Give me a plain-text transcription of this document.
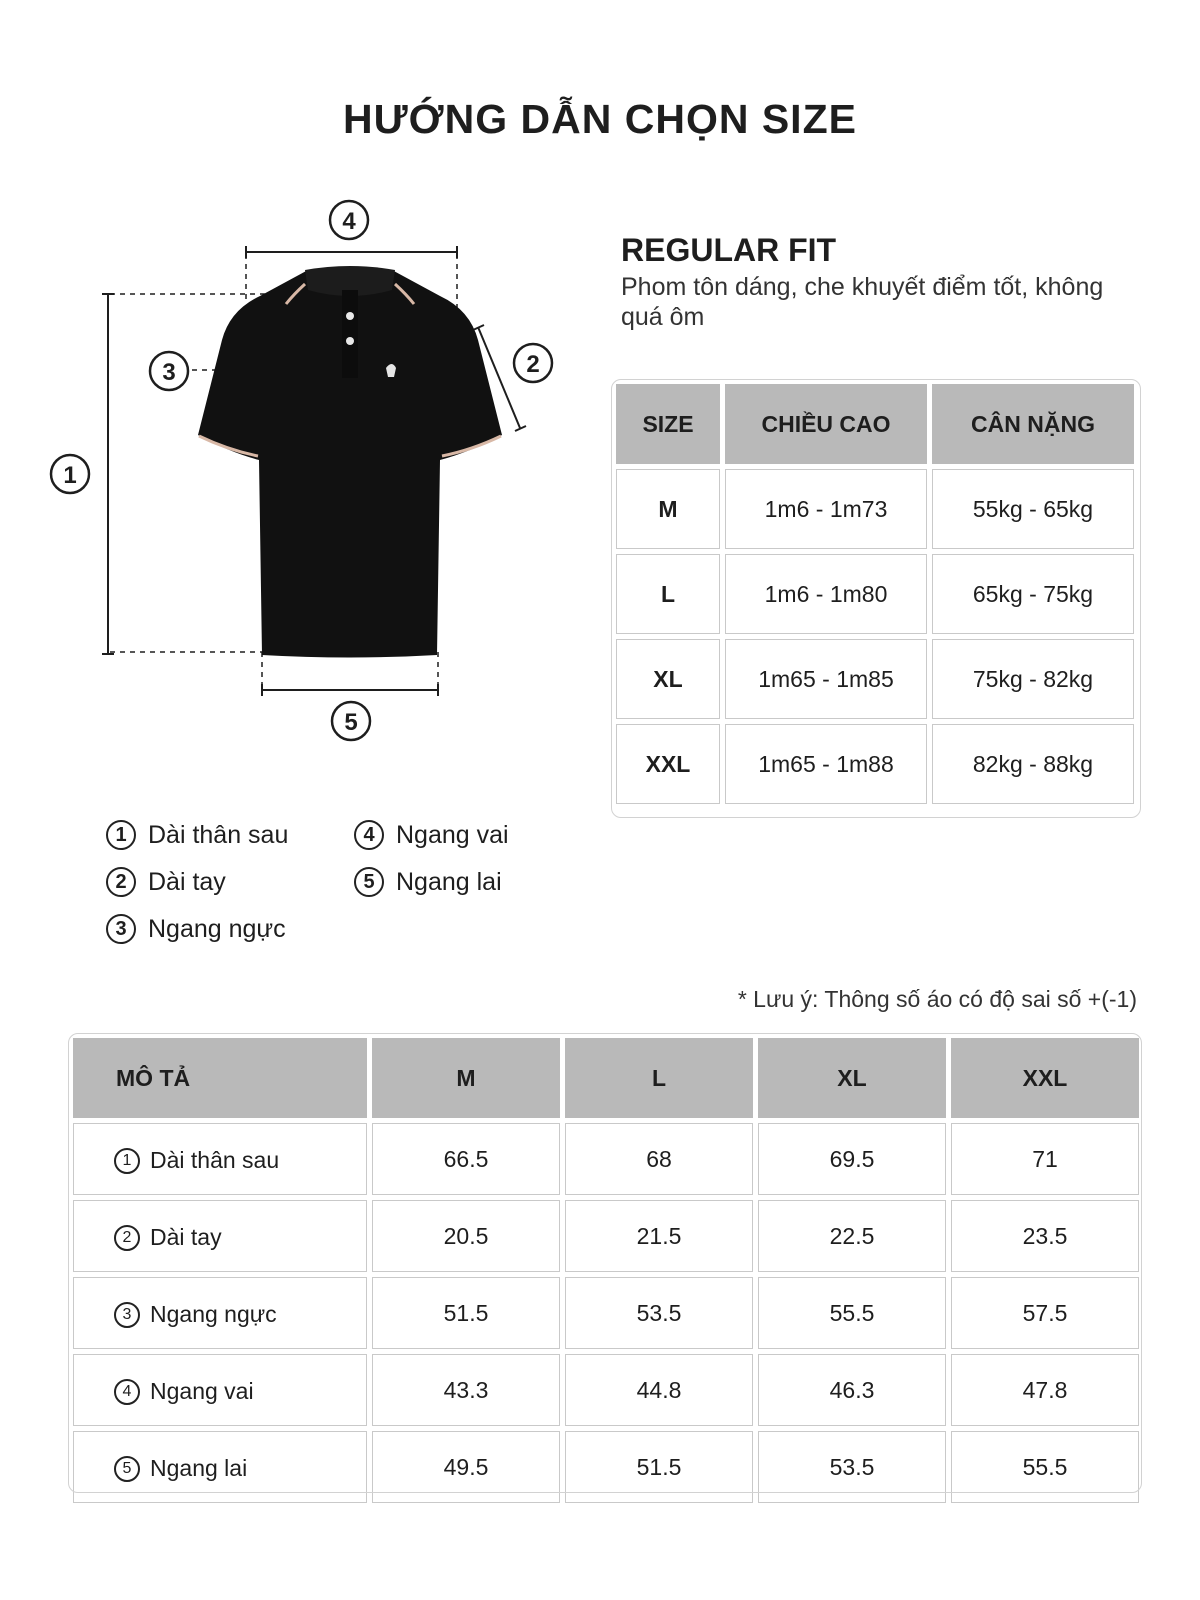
HƯỚNG DẪN CHỌN SIZE
1
2
3
4
5
REGULAR FIT

Phom tôn dáng, che khuyết điểm tốt, không quá ôm

SIZE	CHIỀU CAO	CÂN NẶNG
M	1m6 - 1m73	55kg - 65kg
L	1m6 - 1m80	65kg - 75kg
XL	1m65 - 1m85	75kg - 82kg
XXL	1m65 - 1m88	82kg - 88kg
1 Dài thân sau
2 Dài tay
3 Ngang ngực
4 Ngang vai
5 Ngang lai

* Lưu ý: Thông số áo có độ sai số +(-1)

MÔ TẢ	M	L	XL	XXL

1 Dài thân sau	66.5	68	69.5	71

2 Dài tay	20.5	21.5	22.5	23.5

3 Ngang ngực	51.5	53.5	55.5	57.5

4 Ngang vai	43.3	44.8	46.3	47.8

5 Ngang lai	49.5	51.5	53.5	55.5
